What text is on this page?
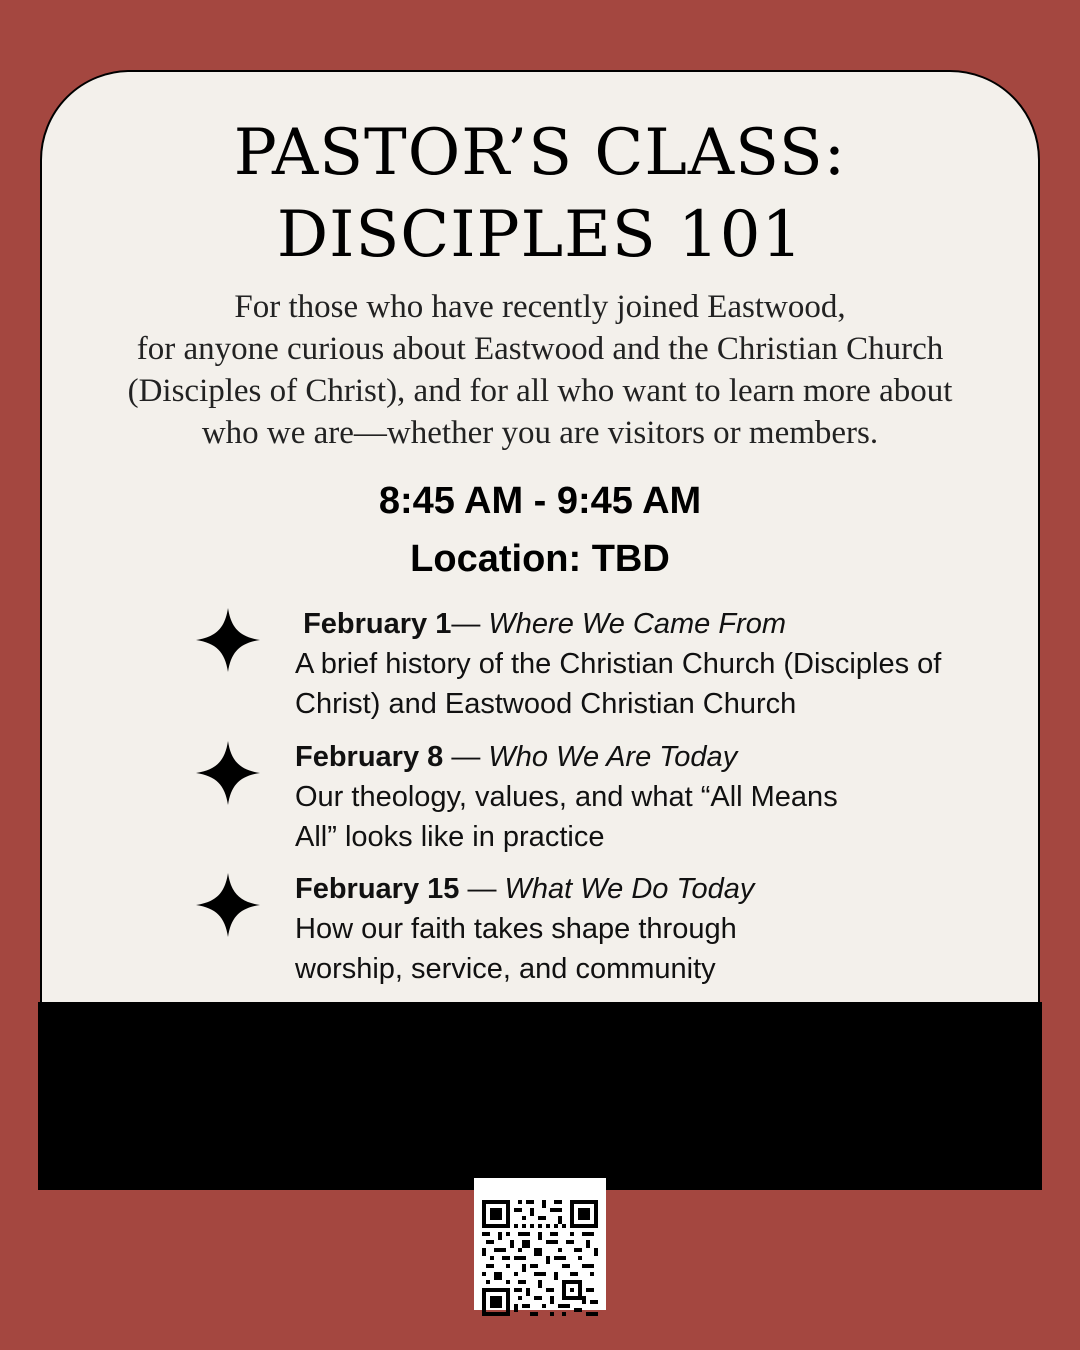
PASTOR’S CLASS:
DISCIPLES 101
For those who have recently joined Eastwood,
for anyone curious about Eastwood and the Christian Church
(Disciples of Christ), and for all who want to learn more about
who we are—whether you are visitors or members.
8:45 AM - 9:45 AM
Location: TBD
February 1— Where We Came From
A brief history of the Christian Church (Disciples of
Christ) and Eastwood Christian Church
February 8 — Who We Are Today
Our theology, values, and what “All Means
All” looks like in practice
February 15 — What We Do Today
How our faith takes shape through
worship, service, and community
